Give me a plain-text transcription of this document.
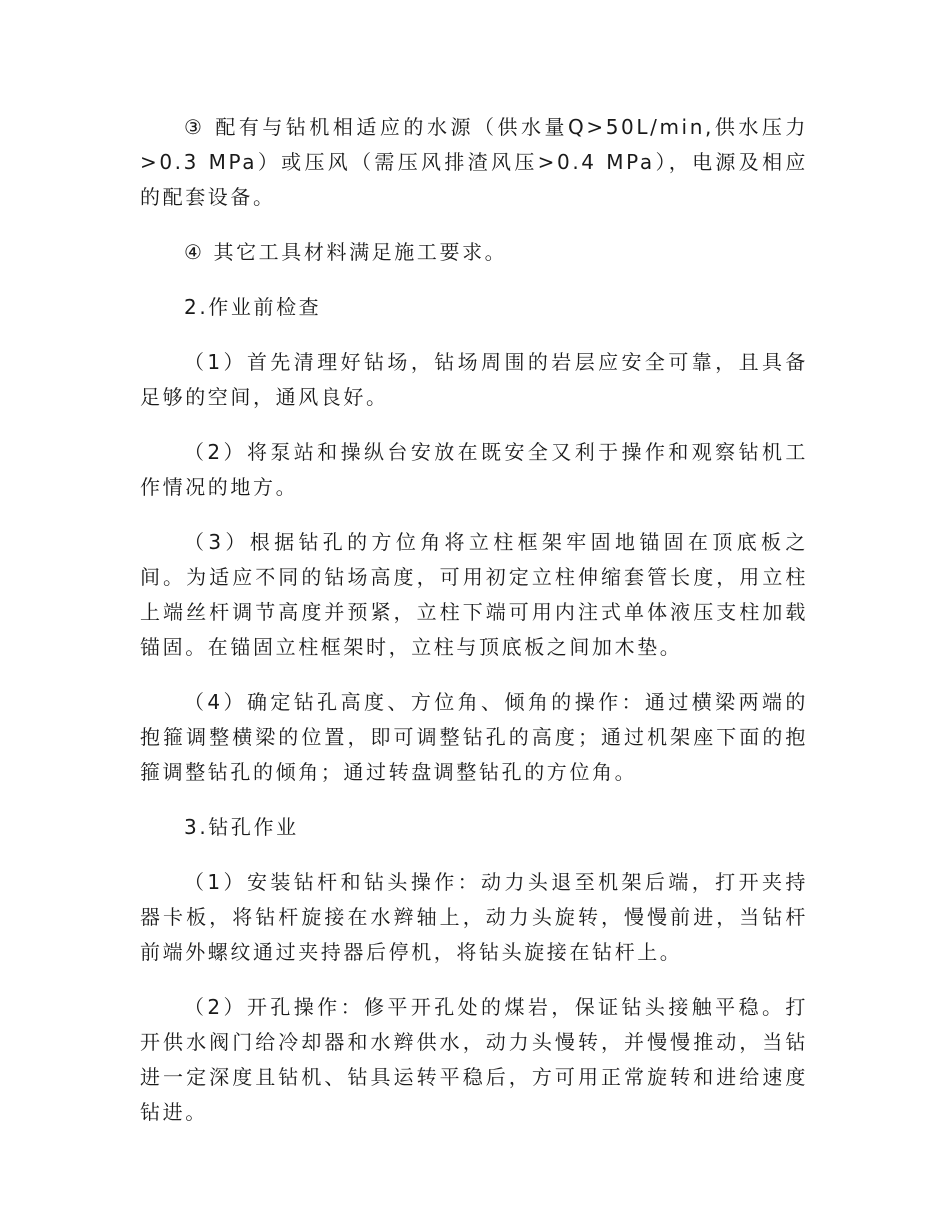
③ 配有与钻机相适应的水源（供水量Q>50L/min,供水压力>0.3 MPa）或压风（需压风排渣风压>0.4 MPa），电源及相应的配套设备。

④ 其它工具材料满足施工要求。

2.作业前检查

（1）首先清理好钻场，钻场周围的岩层应安全可靠，且具备足够的空间，通风良好。

（2）将泵站和操纵台安放在既安全又利于操作和观察钻机工作情况的地方。

（3）根据钻孔的方位角将立柱框架牢固地锚固在顶底板之间。为适应不同的钻场高度，可用初定立柱伸缩套管长度，用立柱上端丝杆调节高度并预紧，立柱下端可用内注式单体液压支柱加载锚固。在锚固立柱框架时，立柱与顶底板之间加木垫。

（4）确定钻孔高度、方位角、倾角的操作：通过横梁两端的抱箍调整横梁的位置，即可调整钻孔的高度；通过机架座下面的抱箍调整钻孔的倾角；通过转盘调整钻孔的方位角。

3.钻孔作业

（1）安装钻杆和钻头操作：动力头退至机架后端，打开夹持器卡板，将钻杆旋接在水辫轴上，动力头旋转，慢慢前进，当钻杆前端外螺纹通过夹持器后停机，将钻头旋接在钻杆上。

（2）开孔操作：修平开孔处的煤岩，保证钻头接触平稳。打开供水阀门给冷却器和水辫供水，动力头慢转，并慢慢推动，当钻进一定深度且钻机、钻具运转平稳后，方可用正常旋转和进给速度钻进。
